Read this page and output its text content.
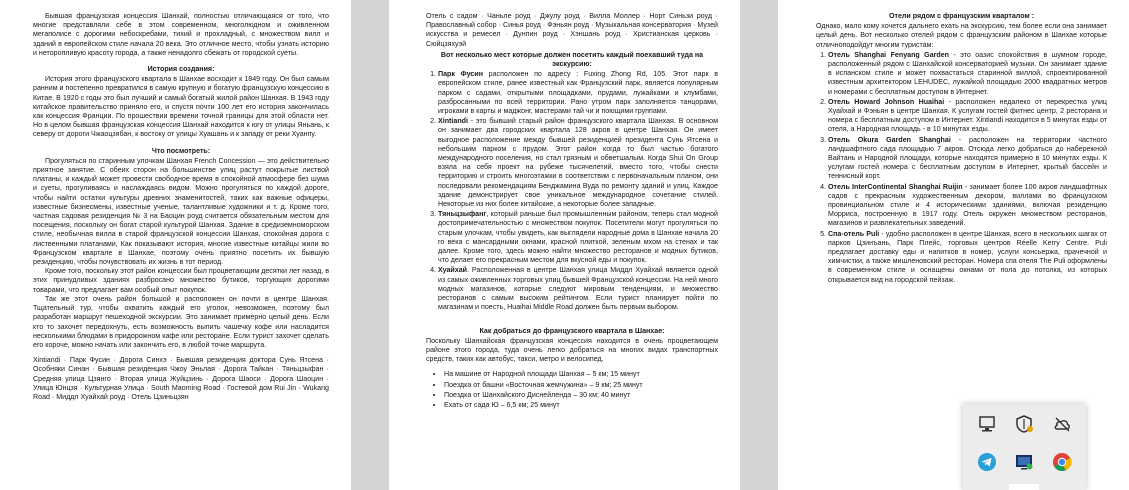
Бывшая французская концессия Шанхай, полностью отличающаяся от того, что многие представляли себе в этом современном, многолюдном и оживленном мегаполисе с дорогими небоскребами, тихий и прохладный, с множеством вилл и зданий в европейском стиле начала 20 века. Это отличное место, чтобы узнать историю и неторопливую красоту города, а также ненадолго сбежать от городской суеты.

История создания:

История этого французского квартала в Шанхае восходит к 1849 году. Он был самым ранним и постепенно превратился в самую крупную и богатую французскую концессию в Китае. В 1920 с годы это был лучший и самый богатый жилой район Шанхая. В 1943 году китайское правительство приняло его, и спустя почти 100 лет его история закончилась как концессия Франции. По прошествии времени точной границы для этой области нет. Но в целом бывшая французская концессия Шанхай находится к югу от улицы Яньань, к северу от дороги Чжаоцзябан, к востоку от улицы Хуашань и к западу от реки Хуанпу.

Что посмотреть:

Прогуляться по старинным улочкам Шанхая French Concession — это действительно приятное занятие. С обеих сторон на большинстве улиц растут покрытые листвой платаны, и каждый может провести свободное время в спокойной атмосфере без шума и суеты, прогуливаясь и наслаждаясь видом. Можно прогуляться по каждой дороге, чтобы найти остатки культуры древних знаменитостей, таких как важные офицеры, известные бизнесмены, известные ученые, талантливые художники и т. д. Кроме того, частная садовая резиденция № 3 на Баоцин роуд считается обязательным местом для посещения, поскольку он богат старой культурой Шанхая. Здание в средиземноморском стиле, необычная вилла в старой французской концессии Шанхая, спокойная дорога с лиственными платанами, Как показывают история, многие известные китайцы жили во Французском квартале в Шанхае, поэтому очень приятно посетить их бывшую резиденцию, чтобы почувствовать их жизнь в тот период.

Кроме того, поскольку этот район концессии был процветающим десятки лет назад, в этих принудливых зданиях разбросано множество бутиков, торгующих дорогими товарами, что предлагает вам особый опыт покупок.

Так же этот очень район большой и расположен он почти в центре Шанхая. Тщательный тур, чтобы охватить каждый его уголок, невозможен, поэтому был разработан маршрут пешеходной экскурсии. Это занимает примерно целый день. Если кто то захочет передохнуть, есть возможность выпить чашечку кофе или насладится несколькими блюдами в придорожном кафе или ресторане. Если турист захочет сделать его короче, можно начать или закончить его, в любой точке маршрута.

Xintiandi · Парк Фусин · Дорога Синхэ · Бывшая резиденция доктора Сунь Ятсена · Особняки Синан · Бывшая резиденция Чжоу Эньлая · Дорога Тайкан · Тяньцзыфан · Средняя улица Цзянго · Вторая улица Жуйцзинь · Дорога Шаоси · Дорога Шаоцин · Улица Юнцзя · Культурная Улица · South Maoming Road · Гостевой дом Rui Jin · Wukang Road · Миддл Хуайхай роуд · Отель Цзиньцзян

Отель с садом · Чаньле роуд · Джулу роуд · Вилла Моллер · Норт Синьзи роуд · Православный собор · Синья роуд · Фэньян роуд · Музыкальная консерватория · Музей искусства и ремесел · Дунпин роуд · Хэншань роуд · Христианская церковь · Сюйцзяхуэй

Вот несколько мест которые должен посетить каждый поехавший туда на экскурсию:

1. Парк Фусин расположен по адресу : Fuxing Zhong Rd, 105. Этот парк в европейском стиле, ранее известный как Французский парк, является популярным парком с садами, открытыми площадками, прудами, лужайками и клумбами, разбросанными по всей территории. Рано утром парк заполняется танцорами, игроками в карты и маджонг, мастерами тай чи и поющими группами.
2. Xintiandi - это бывший старый район французского квартала Шанхая. В основном он занимает два городских квартала 128 акров в центре Шанхая. Он имеет выгодное расположение между бывшей резиденцией президента Сунь Ятсена и небольшим парком с прудом. Этот район когда то был частью богатого международного поселения, но стал грязным и обветшалым. Когда Shui On Group взяла на себя проект на рубеже тысячелетий, вместо того, чтобы снести территорию и строить многоэтажки в соответствии с первоначальным планом, они последовали рекомендациям Бенджамина Вуда по ремонту зданий и улиц. Каждое здание демонстрирует свое уникальное международное сочетание стилей. Некоторые из них более китайские, а некоторые более западные.
3. Тяньцзыфанг, который раньше был промышленным районом, теперь стал модной достопримечательностью с множеством покупок. Посетители могут прогуляться по старым улочкам, чтобы увидеть, как выглядели народные дома в Шанхае начала 20 го века с мансардными окнами, красной плиткой, зеленым мхом на стенах и так далее. Кроме того, здесь можно найти множество ресторанов и модных бутиков, что делает его прекрасным местом для вкусной еды и покупок.
4. Хуайхай. Расположенная в центре Шанхая улица Миддл Хуайхай является одной из самых оживленных торговых улиц бывшей Французской концессии. На ней много модных магазинов, которые следуют мировым тенденциям, и множество ресторанов с самым высоким рейтингом. Если турист планирует пойти по магазинам и поесть, Huaihai Middle Road должен быть первым выбором.

Как добраться до французского квартала в Шанхае:

Поскольку Шанхайская французская концессия находится в очень процветающем районе этого города, туда очень легко добраться на многих видах транспортных средств, таких как автобус, такси, метро и велосипед.

• На машине от Народной площади Шанхая – 5 км; 15 минут
• Поездка от башни «Восточная жемчужина» – 9 км; 25 минут
• Поездка от Шанхайского Диснейленда – 30 км; 40 минут
• Ехать от сада Ю – 6,5 км; 25 минут

Отели рядом с французским кварталом :

Однако, мало кому хочется дальнего ехать на экскурсию, тем более если она занимает целый день. Вот несколько отелей рядом с французским районом в Шанхае которые отличноподойдут многим туристам:

1. Отель Shanghai Fenyang Garden - это оазис спокойствия в шумном городе, расположенный рядом с Шанхайской консерваторией музыки. Он занимает здание в испанском стиле и может похвастаться старинной виллой, спроектированной известным архитектором LEHUDEC, лужайкой площадью 2000 квадратных метров и номерами с бесплатным доступом в Интернет.
2. Отель Howard Johnson Huaihai - расположен недалеко от перекрестка улиц Хуайхай и Фэньян в центре Шанхая. К услугам гостей фитнес центр, 2 ресторана и номера с бесплатным доступом в Интернет. Xintiandi находится в 5 минутах езды от отеля, а Народная площадь - в 10 минутах езды.
3. Отель Okura Garden Shanghai - расположен на территории частного ландшафтного сада площадью 7 акров. Отсюда легко добраться до набережной Вайтань и Народной площади, которые находятся примерно в 10 минутах езды. К услугам гостей номера с бесплатным доступом в Интернет, крытый бассейн и теннисный корт.
4. Отель InterContinental Shanghai Ruijin - занимает более 100 акров ландшафтных садов с прекрасным художественным декором, виллами во французском провинциальном стиле и 4 историческими зданиями, включая резиденцию Морриса, построенную в 1917 году. Отель окружен множеством ресторанов, магазинов и развлекательных заведений.
5. Спа-отель Puli - удобно расположен в центре Шанхая, всего в нескольких шагах от парков Цзинъань, Парк Плейс, торговых центров Réelle Kerry Centre. Puli предлагает доставку еды и напитков в номер, услуги консьержа, прачечной и химчистки, а также мишленовский ресторан. Номера спа отеля The Puli оформлены в современном стиле и оснащены окнами от пола до потолка, из которых открывается вид на городской пейзаж.
